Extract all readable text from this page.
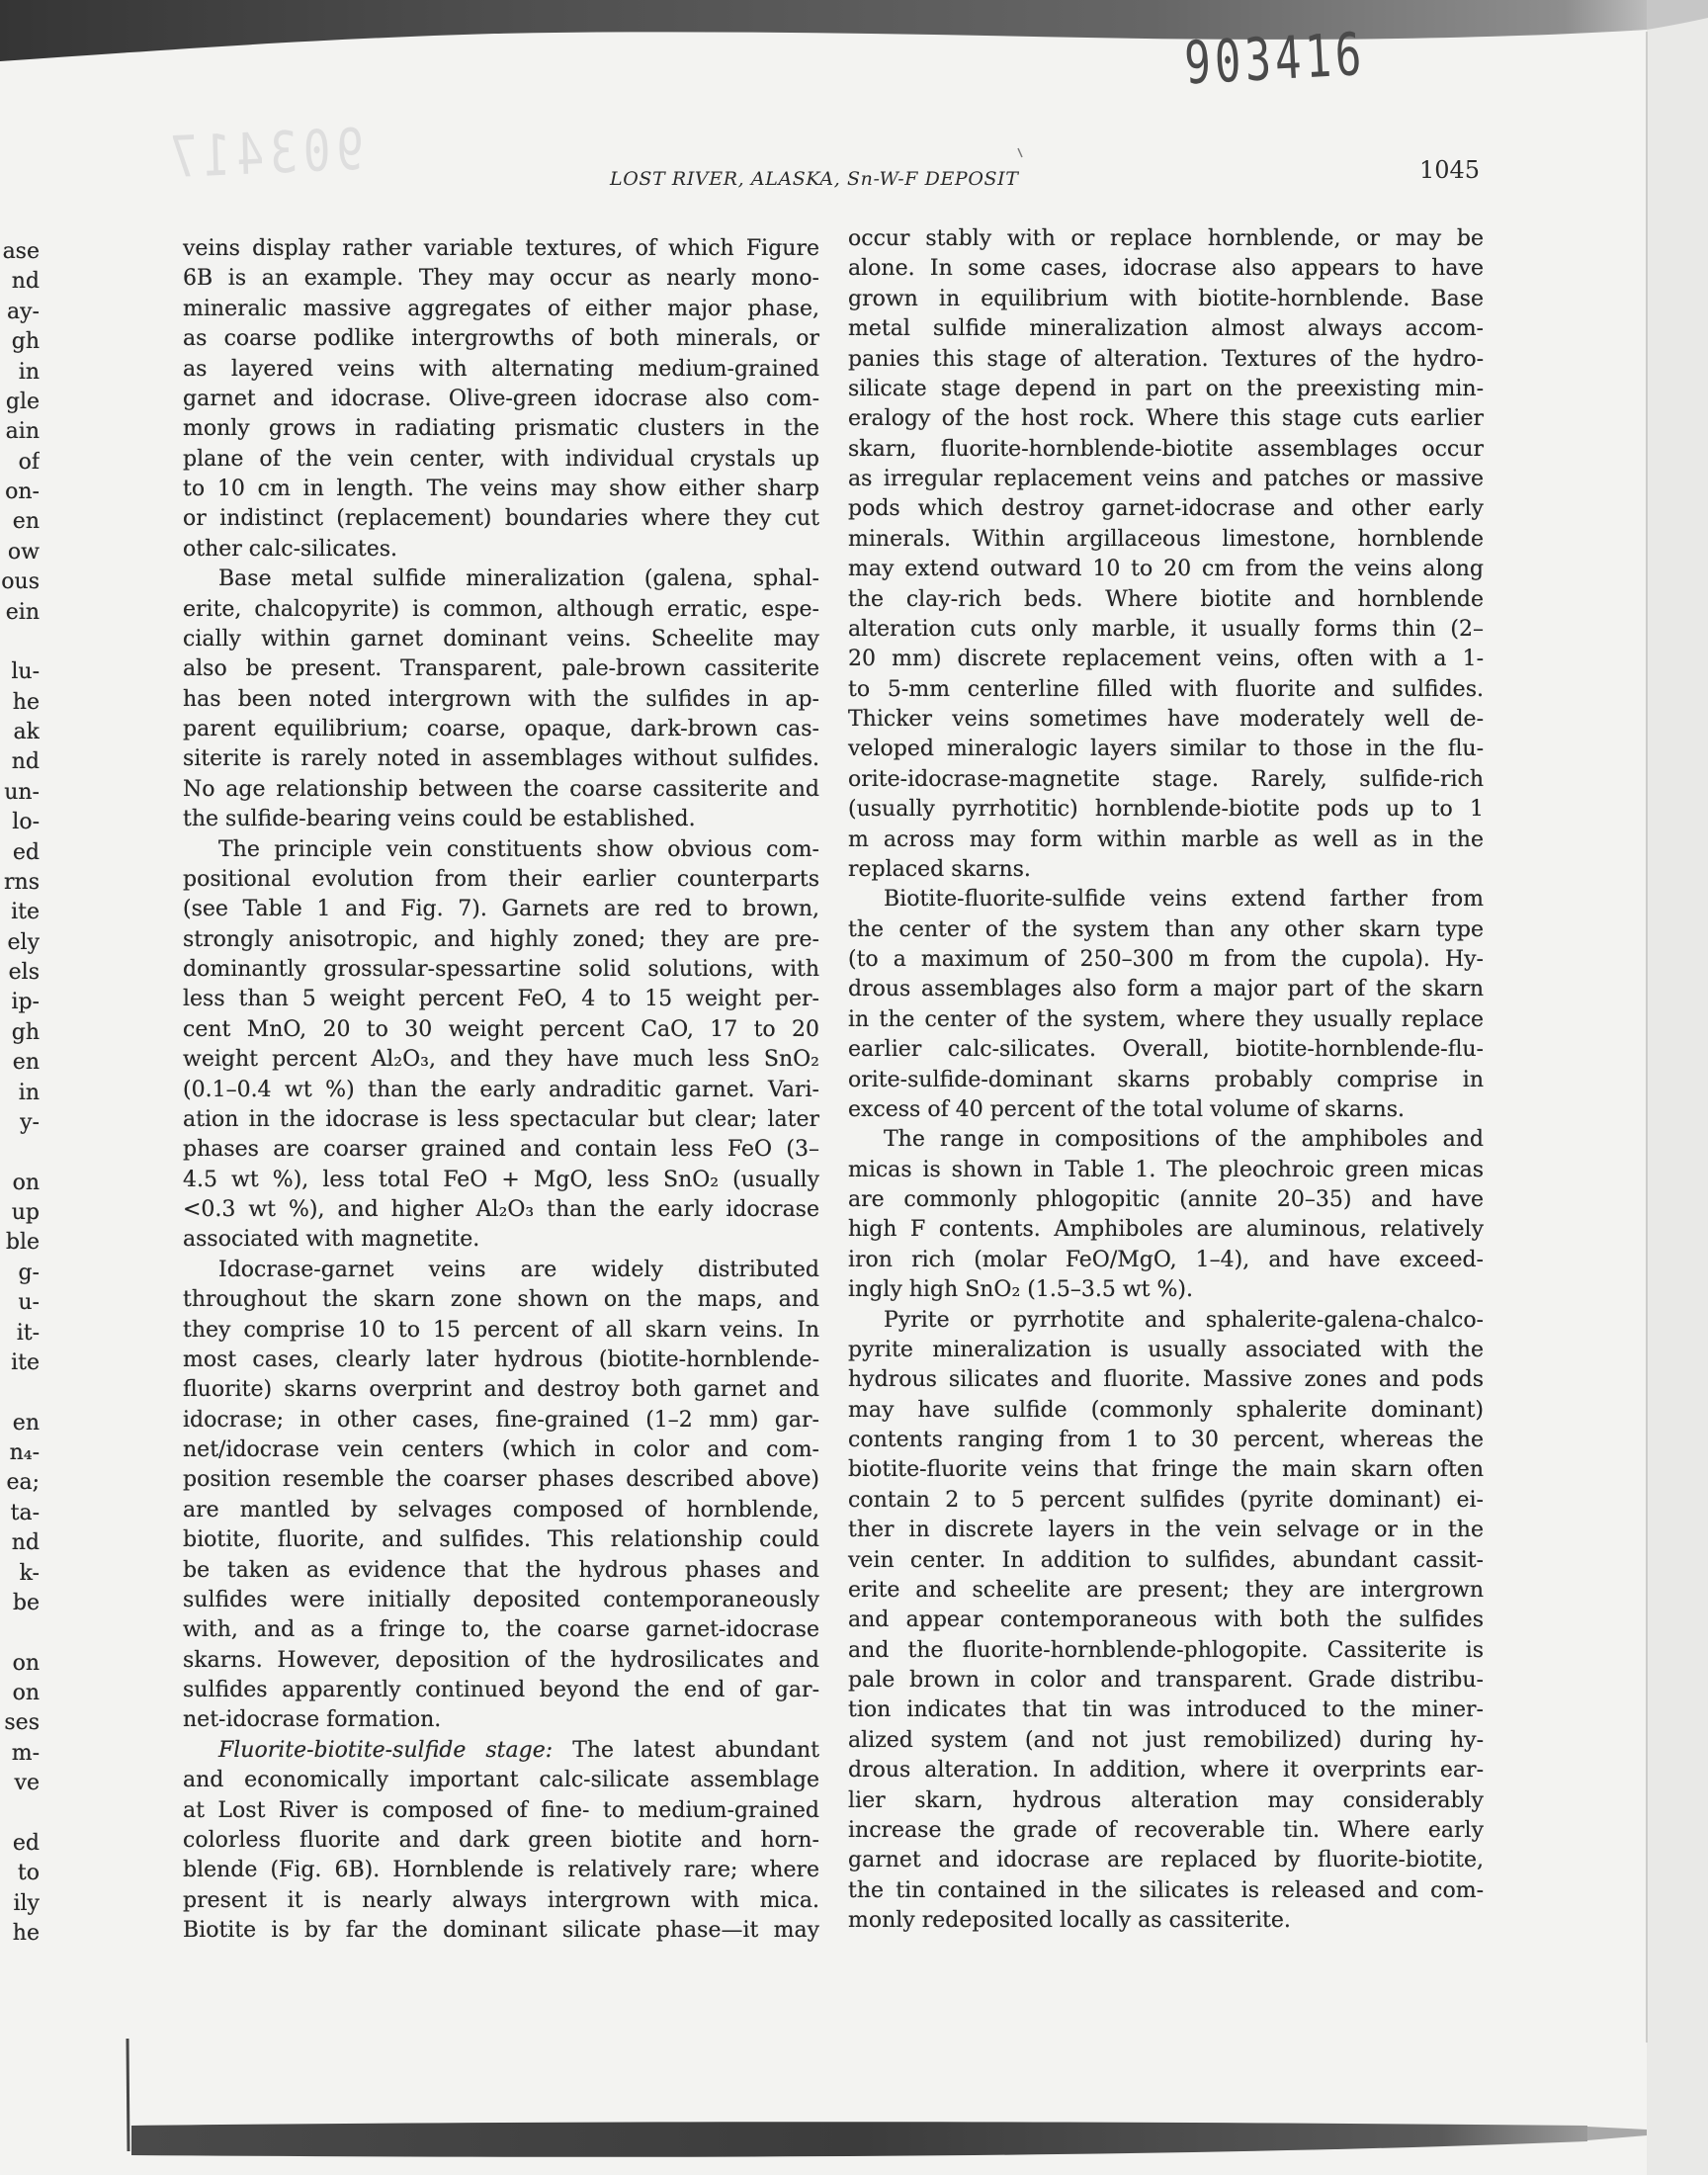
903416
903417	LOST RIVER, ALASKA, Sn-W-F DEPOSIT	1045
ase
nd
ay-
gh
in
gle
ain
of
on-
en
ow
ous
ein
lu-
he
ak
nd
un-
lo-
ed
rns
ite
ely
els
ip-
gh
en
in
y-
on
up
ble
g-
u-
it-
ite
en
n₄-
ea;
ta-
nd
k-
be
on
on
ses
m-
ve
ed
to
ily
he
veins display rather variable textures, of which Figure
6B is an example. They may occur as nearly mono-
mineralic massive aggregates of either major phase,
as coarse podlike intergrowths of both minerals, or
as layered veins with alternating medium-grained
garnet and idocrase. Olive-green idocrase also com-
monly grows in radiating prismatic clusters in the
plane of the vein center, with individual crystals up
to 10 cm in length. The veins may show either sharp
or indistinct (replacement) boundaries where they cut
other calc-silicates.
Base metal sulfide mineralization (galena, sphal-
erite, chalcopyrite) is common, although erratic, espe-
cially within garnet dominant veins. Scheelite may
also be present. Transparent, pale-brown cassiterite
has been noted intergrown with the sulfides in ap-
parent equilibrium; coarse, opaque, dark-brown cas-
siterite is rarely noted in assemblages without sulfides.
No age relationship between the coarse cassiterite and
the sulfide-bearing veins could be established.
The principle vein constituents show obvious com-
positional evolution from their earlier counterparts
(see Table 1 and Fig. 7). Garnets are red to brown,
strongly anisotropic, and highly zoned; they are pre-
dominantly grossular-spessartine solid solutions, with
less than 5 weight percent FeO, 4 to 15 weight per-
cent MnO, 20 to 30 weight percent CaO, 17 to 20
weight percent Al₂O₃, and they have much less SnO₂
(0.1–0.4 wt %) than the early andraditic garnet. Vari-
ation in the idocrase is less spectacular but clear; later
phases are coarser grained and contain less FeO (3–
4.5 wt %), less total FeO + MgO, less SnO₂ (usually
<0.3 wt %), and higher Al₂O₃ than the early idocrase
associated with magnetite.
Idocrase-garnet veins are widely distributed
throughout the skarn zone shown on the maps, and
they comprise 10 to 15 percent of all skarn veins. In
most cases, clearly later hydrous (biotite-hornblende-
fluorite) skarns overprint and destroy both garnet and
idocrase; in other cases, fine-grained (1–2 mm) gar-
net/idocrase vein centers (which in color and com-
position resemble the coarser phases described above)
are mantled by selvages composed of hornblende,
biotite, fluorite, and sulfides. This relationship could
be taken as evidence that the hydrous phases and
sulfides were initially deposited contemporaneously
with, and as a fringe to, the coarse garnet-idocrase
skarns. However, deposition of the hydrosilicates and
sulfides apparently continued beyond the end of gar-
net-idocrase formation.
Fluorite-biotite-sulfide stage: The latest abundant
and economically important calc-silicate assemblage
at Lost River is composed of fine- to medium-grained
colorless fluorite and dark green biotite and horn-
blende (Fig. 6B). Hornblende is relatively rare; where
present it is nearly always intergrown with mica.
Biotite is by far the dominant silicate phase—it may
occur stably with or replace hornblende, or may be
alone. In some cases, idocrase also appears to have
grown in equilibrium with biotite-hornblende. Base
metal sulfide mineralization almost always accom-
panies this stage of alteration. Textures of the hydro-
silicate stage depend in part on the preexisting min-
eralogy of the host rock. Where this stage cuts earlier
skarn, fluorite-hornblende-biotite assemblages occur
as irregular replacement veins and patches or massive
pods which destroy garnet-idocrase and other early
minerals. Within argillaceous limestone, hornblende
may extend outward 10 to 20 cm from the veins along
the clay-rich beds. Where biotite and hornblende
alteration cuts only marble, it usually forms thin (2–
20 mm) discrete replacement veins, often with a 1-
to 5-mm centerline filled with fluorite and sulfides.
Thicker veins sometimes have moderately well de-
veloped mineralogic layers similar to those in the flu-
orite-idocrase-magnetite stage. Rarely, sulfide-rich
(usually pyrrhotitic) hornblende-biotite pods up to 1
m across may form within marble as well as in the
replaced skarns.
Biotite-fluorite-sulfide veins extend farther from
the center of the system than any other skarn type
(to a maximum of 250–300 m from the cupola). Hy-
drous assemblages also form a major part of the skarn
in the center of the system, where they usually replace
earlier calc-silicates. Overall, biotite-hornblende-flu-
orite-sulfide-dominant skarns probably comprise in
excess of 40 percent of the total volume of skarns.
The range in compositions of the amphiboles and
micas is shown in Table 1. The pleochroic green micas
are commonly phlogopitic (annite 20–35) and have
high F contents. Amphiboles are aluminous, relatively
iron rich (molar FeO/MgO, 1–4), and have exceed-
ingly high SnO₂ (1.5–3.5 wt %).
Pyrite or pyrrhotite and sphalerite-galena-chalco-
pyrite mineralization is usually associated with the
hydrous silicates and fluorite. Massive zones and pods
may have sulfide (commonly sphalerite dominant)
contents ranging from 1 to 30 percent, whereas the
biotite-fluorite veins that fringe the main skarn often
contain 2 to 5 percent sulfides (pyrite dominant) ei-
ther in discrete layers in the vein selvage or in the
vein center. In addition to sulfides, abundant cassit-
erite and scheelite are present; they are intergrown
and appear contemporaneous with both the sulfides
and the fluorite-hornblende-phlogopite. Cassiterite is
pale brown in color and transparent. Grade distribu-
tion indicates that tin was introduced to the miner-
alized system (and not just remobilized) during hy-
drous alteration. In addition, where it overprints ear-
lier skarn, hydrous alteration may considerably
increase the grade of recoverable tin. Where early
garnet and idocrase are replaced by fluorite-biotite,
the tin contained in the silicates is released and com-
monly redeposited locally as cassiterite.
